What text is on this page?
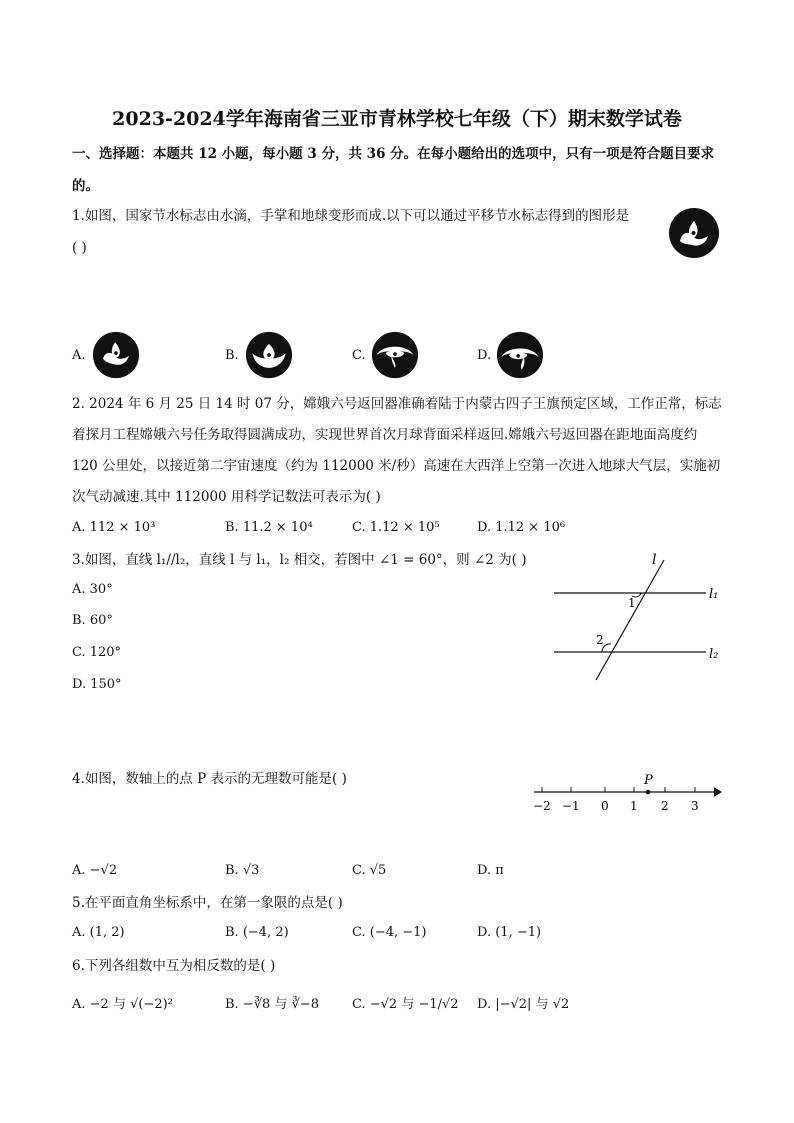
2023-2024学年海南省三亚市青林学校七年级（下）期末数学试卷
一、选择题：本题共 12 小题，每小题 3 分，共 36 分。在每小题给出的选项中，只有一项是符合题目要求
的。
1.如图，国家节水标志由水滴，手掌和地球变形而成.以下可以通过平移节水标志得到的图形是
( )
A.	B.	C.	D.
2. 2024 年 6 月 25 日 14 时 07 分，嫦娥六号返回器准确着陆于内蒙古四子王旗预定区域，工作正常，标志
着探月工程嫦娥六号任务取得圆满成功，实现世界首次月球背面采样返回.嫦娥六号返回器在距地面高度约
120 公里处，以接近第二宇宙速度（约为 112000 米/秒）高速在大西洋上空第一次进入地球大气层，实施初
次气动减速.其中 112000 用科学记数法可表示为( )
A. 112 × 10³	B. 11.2 × 10⁴	C. 1.12 × 10⁵	D. 1.12 × 10⁶
3.如图，直线 l₁//l₂，直线 l 与 l₁，l₂ 相交，若图中 ∠1 = 60°，则 ∠2 为( )
A. 30°
B. 60°
C. 120°
D. 150°
l
l₁
l₂
1
2
4.如图，数轴上的点 P 表示的无理数可能是( )	P
−2 −1 0 1 2 3
A. −√2	B. √3	C. √5	D. π
5.在平面直角坐标系中，在第一象限的点是( )
A. (1, 2)	B. (−4, 2)	C. (−4, −1)	D. (1, −1)
6.下列各组数中互为相反数的是( )
A. −2 与 √(−2)²	B. −∛8 与 ∛−8	C. −√2 与 −1/√2 D. |−√2| 与 √2
